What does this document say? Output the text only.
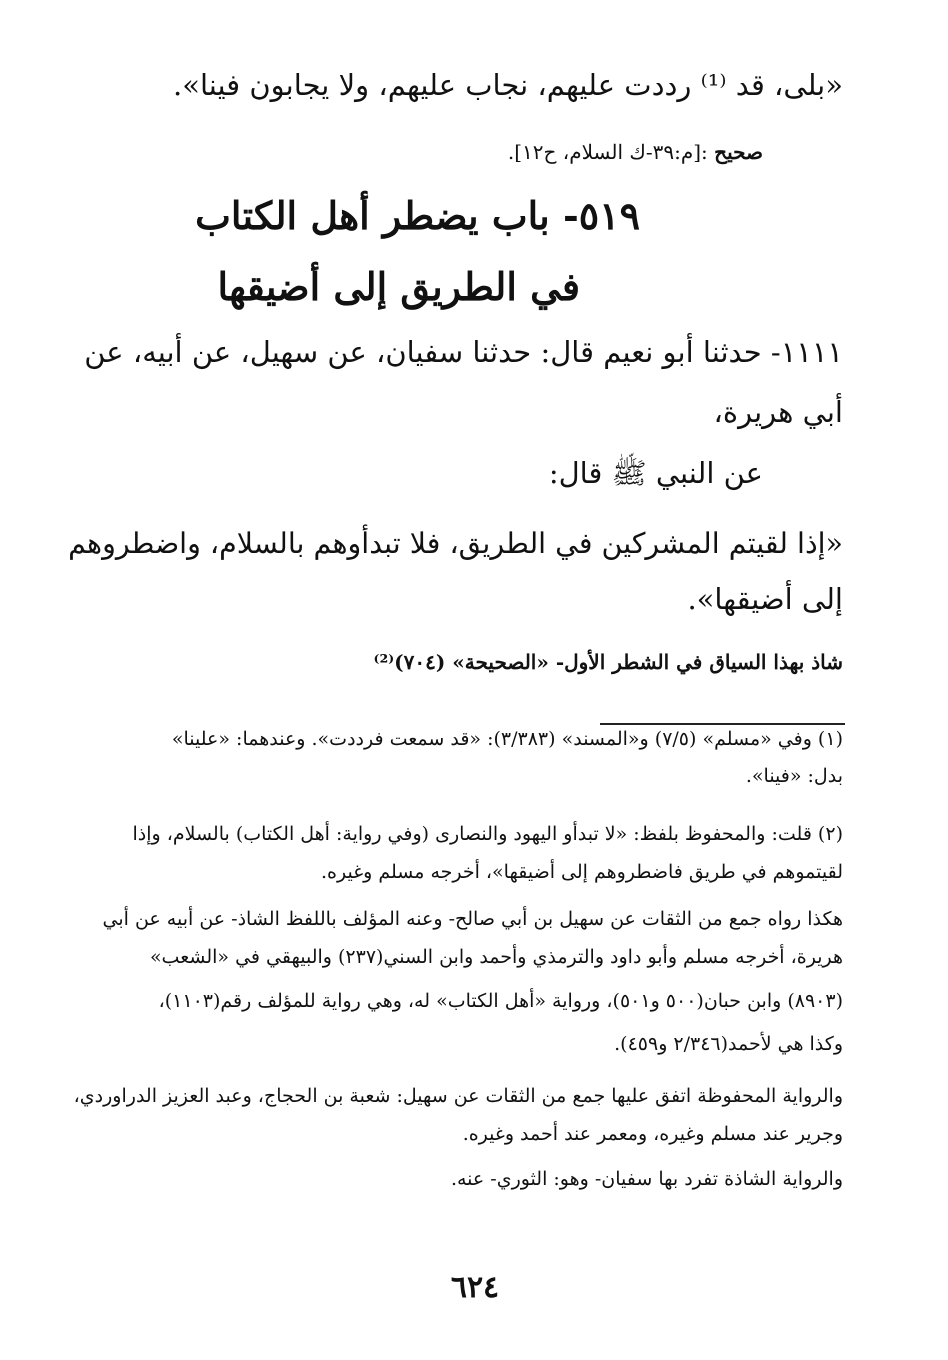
«بلى، قد ⁽¹⁾ رددت عليهم، نجاب عليهم، ولا يجابون فينا».
صحيح :[م:٣٩-ك السلام، ح١٢].
٥١٩- باب يضطر أهل الكتاب
في الطريق إلى أضيقها
١١١١- حدثنا أبو نعيم قال: حدثنا سفيان، عن سهيل، عن أبيه، عن
أبي هريرة،
عن النبي ﷺ قال:
«إذا لقيتم المشركين في الطريق، فلا تبدأوهم بالسلام، واضطروهم
إلى أضيقها».
شاذ بهذا السياق في الشطر الأول- «الصحيحة» (٧٠٤)⁽²⁾
(١) وفي «مسلم» (٧/٥) و«المسند» (٣/٣٨٣): «قد سمعت فرددت». وعندهما: «علينا»
بدل: «فينا».
(٢) قلت: والمحفوظ بلفظ: «لا تبدأو اليهود والنصارى (وفي رواية: أهل الكتاب) بالسلام، وإذا
لقيتموهم في طريق فاضطروهم إلى أضيقها»، أخرجه مسلم وغيره.
هكذا رواه جمع من الثقات عن سهيل بن أبي صالح- وعنه المؤلف باللفظ الشاذ- عن أبيه عن أبي
هريرة، أخرجه مسلم وأبو داود والترمذي وأحمد وابن السني(٢٣٧) والبيهقي في «الشعب»
(٨٩٠٣) وابن حبان(٥٠٠ و٥٠١)، ورواية «أهل الكتاب» له، وهي رواية للمؤلف رقم(١١٠٣)،
وكذا هي لأحمد(٢/٣٤٦ و٤٥٩).
والرواية المحفوظة اتفق عليها جمع من الثقات عن سهيل: شعبة بن الحجاج، وعبد العزيز الدراوردي،
وجرير عند مسلم وغيره، ومعمر عند أحمد وغيره.
والرواية الشاذة تفرد بها سفيان- وهو: الثوري- عنه.
٦٢٤
